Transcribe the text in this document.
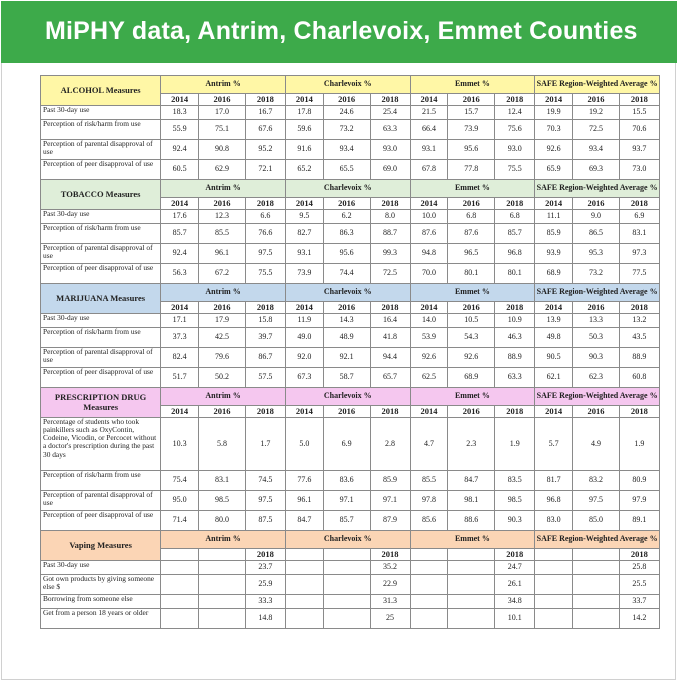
MiPHY data, Antrim, Charlevoix, Emmet Counties
ALCOHOL Measures	Antrim %			Charlevoix %			Emmet %			SAFE Region-Weighted Average %		
	2014	2016	2018	2014	2016	2018	2014	2016	2018	2014	2016	2018
Past 30-day use	18.3	17.0	16.7	17.8	24.6	25.4	21.5	15.7	12.4	19.9	19.2	15.5
Perception of risk/harm from use	55.9	75.1	67.6	59.6	73.2	63.3	66.4	73.9	75.6	70.3	72.5	70.6
Perception of parental disapproval of use	92.4	90.8	95.2	91.6	93.4	93.0	93.1	95.6	93.0	92.6	93.4	93.7
Perception of peer disapproval of use	60.5	62.9	72.1	65.2	65.5	69.0	67.8	77.8	75.5	65.9	69.3	73.0
TOBACCO Measures	Antrim %			Charlevoix %			Emmet %			SAFE Region-Weighted Average %		
	2014	2016	2018	2014	2016	2018	2014	2016	2018	2014	2016	2018
Past 30-day use	17.6	12.3	6.6	9.5	6.2	8.0	10.0	6.8	6.8	11.1	9.0	6.9
Perception of risk/harm from use	85.7	85.5	76.6	82.7	86.3	88.7	87.6	87.6	85.7	85.9	86.5	83.1
Perception of parental disapproval of use	92.4	96.1	97.5	93.1	95.6	99.3	94.8	96.5	96.8	93.9	95.3	97.3
Perception of peer disapproval of use	56.3	67.2	75.5	73.9	74.4	72.5	70.0	80.1	80.1	68.9	73.2	77.5
MARIJUANA Measures	Antrim %			Charlevoix %			Emmet %			SAFE Region-Weighted Average %		
	2014	2016	2018	2014	2016	2018	2014	2016	2018	2014	2016	2018
Past 30-day use	17.1	17.9	15.8	11.9	14.3	16.4	14.0	10.5	10.9	13.9	13.3	13.2
Perception of risk/harm from use	37.3	42.5	39.7	49.0	48.9	41.8	53.9	54.3	46.3	49.8	50.3	43.5
Perception of parental disapproval of use	82.4	79.6	86.7	92.0	92.1	94.4	92.6	92.6	88.9	90.5	90.3	88.9
Perception of peer disapproval of use	51.7	50.2	57.5	67.3	58.7	65.7	62.5	68.9	63.3	62.1	62.3	60.8
PRESCRIPTION DRUG Measures	Antrim %			Charlevoix %			Emmet %			SAFE Region-Weighted Average %		
	2014	2016	2018	2014	2016	2018	2014	2016	2018	2014	2016	2018
Percentage of students who took painkillers such as OxyContin, Codeine, Vicodin, or Percocet without a doctor's prescription during the past 30 days	10.3	5.8	1.7	5.0	6.9	2.8	4.7	2.3	1.9	5.7	4.9	1.9
Perception of risk/harm from use	75.4	83.1	74.5	77.6	83.6	85.9	85.5	84.7	83.5	81.7	83.2	80.9
Perception of parental disapproval of use	95.0	98.5	97.5	96.1	97.1	97.1	97.8	98.1	98.5	96.8	97.5	97.9
Perception of peer disapproval of use	71.4	80.0	87.5	84.7	85.7	87.9	85.6	88.6	90.3	83.0	85.0	89.1
Vaping Measures	Antrim %			Charlevoix %			Emmet %			SAFE Region-Weighted Average %		
			2018			2018			2018			2018
Past 30-day use			23.7			35.2			24.7			25.8
Got own products by giving someone else $			25.9			22.9			26.1			25.5
Borrowing from someone else			33.3			31.3			34.8			33.7
Get from a person 18 years or older			14.8			25			10.1			14.2
